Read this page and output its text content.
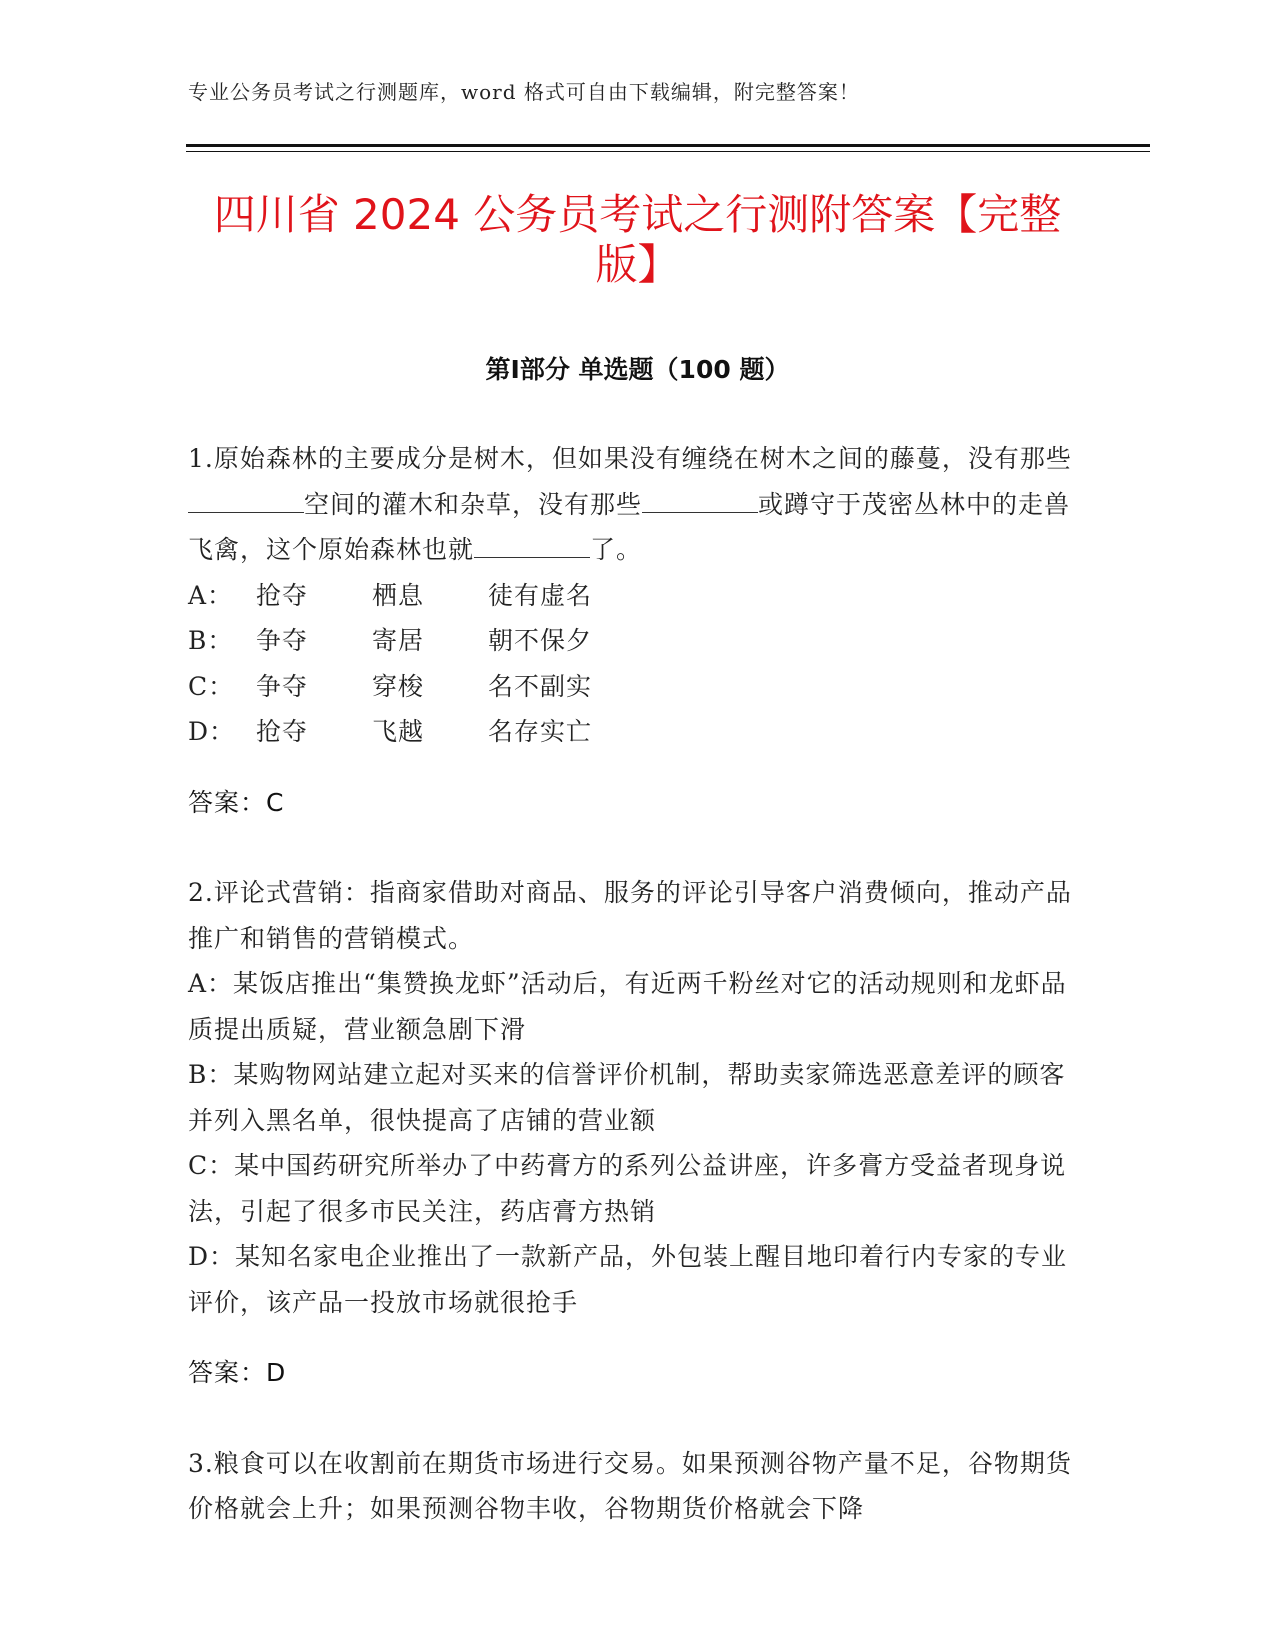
专业公务员考试之行测题库，word 格式可自由下载编辑，附完整答案！
四川省 2024 公务员考试之行测附答案【完整
版】
第Ⅰ部分 单选题（100 题）

1.原始森林的主要成分是树木，但如果没有缠绕在树木之间的藤蔓，没有那些空间的灌木和杂草，没有那些	或蹲守于茂密丛林中的走兽飞禽，这个原始森林也就	了。

A： 抢夺	栖息	徒有虚名
B： 争夺	寄居	朝不保夕
C： 争夺	穿梭	名不副实
D： 抢夺	飞越	名存实亡

答案：C

2.评论式营销：指商家借助对商品、服务的评论引导客户消费倾向，推动产品推广和销售的营销模式。

A：某饭店推出“集赞换龙虾”活动后，有近两千粉丝对它的活动规则和龙虾品质提出质疑，营业额急剧下滑

B：某购物网站建立起对买来的信誉评价机制，帮助卖家筛选恶意差评的顾客并列入黑名单，很快提高了店铺的营业额

C：某中国药研究所举办了中药膏方的系列公益讲座，许多膏方受益者现身说法，引起了很多市民关注，药店膏方热销

D：某知名家电企业推出了一款新产品，外包装上醒目地印着行内专家的专业评价，该产品一投放市场就很抢手

答案：D

3.粮食可以在收割前在期货市场进行交易。如果预测谷物产量不足，谷物期货价格就会上升；如果预测谷物丰收，谷物期货价格就会下降
